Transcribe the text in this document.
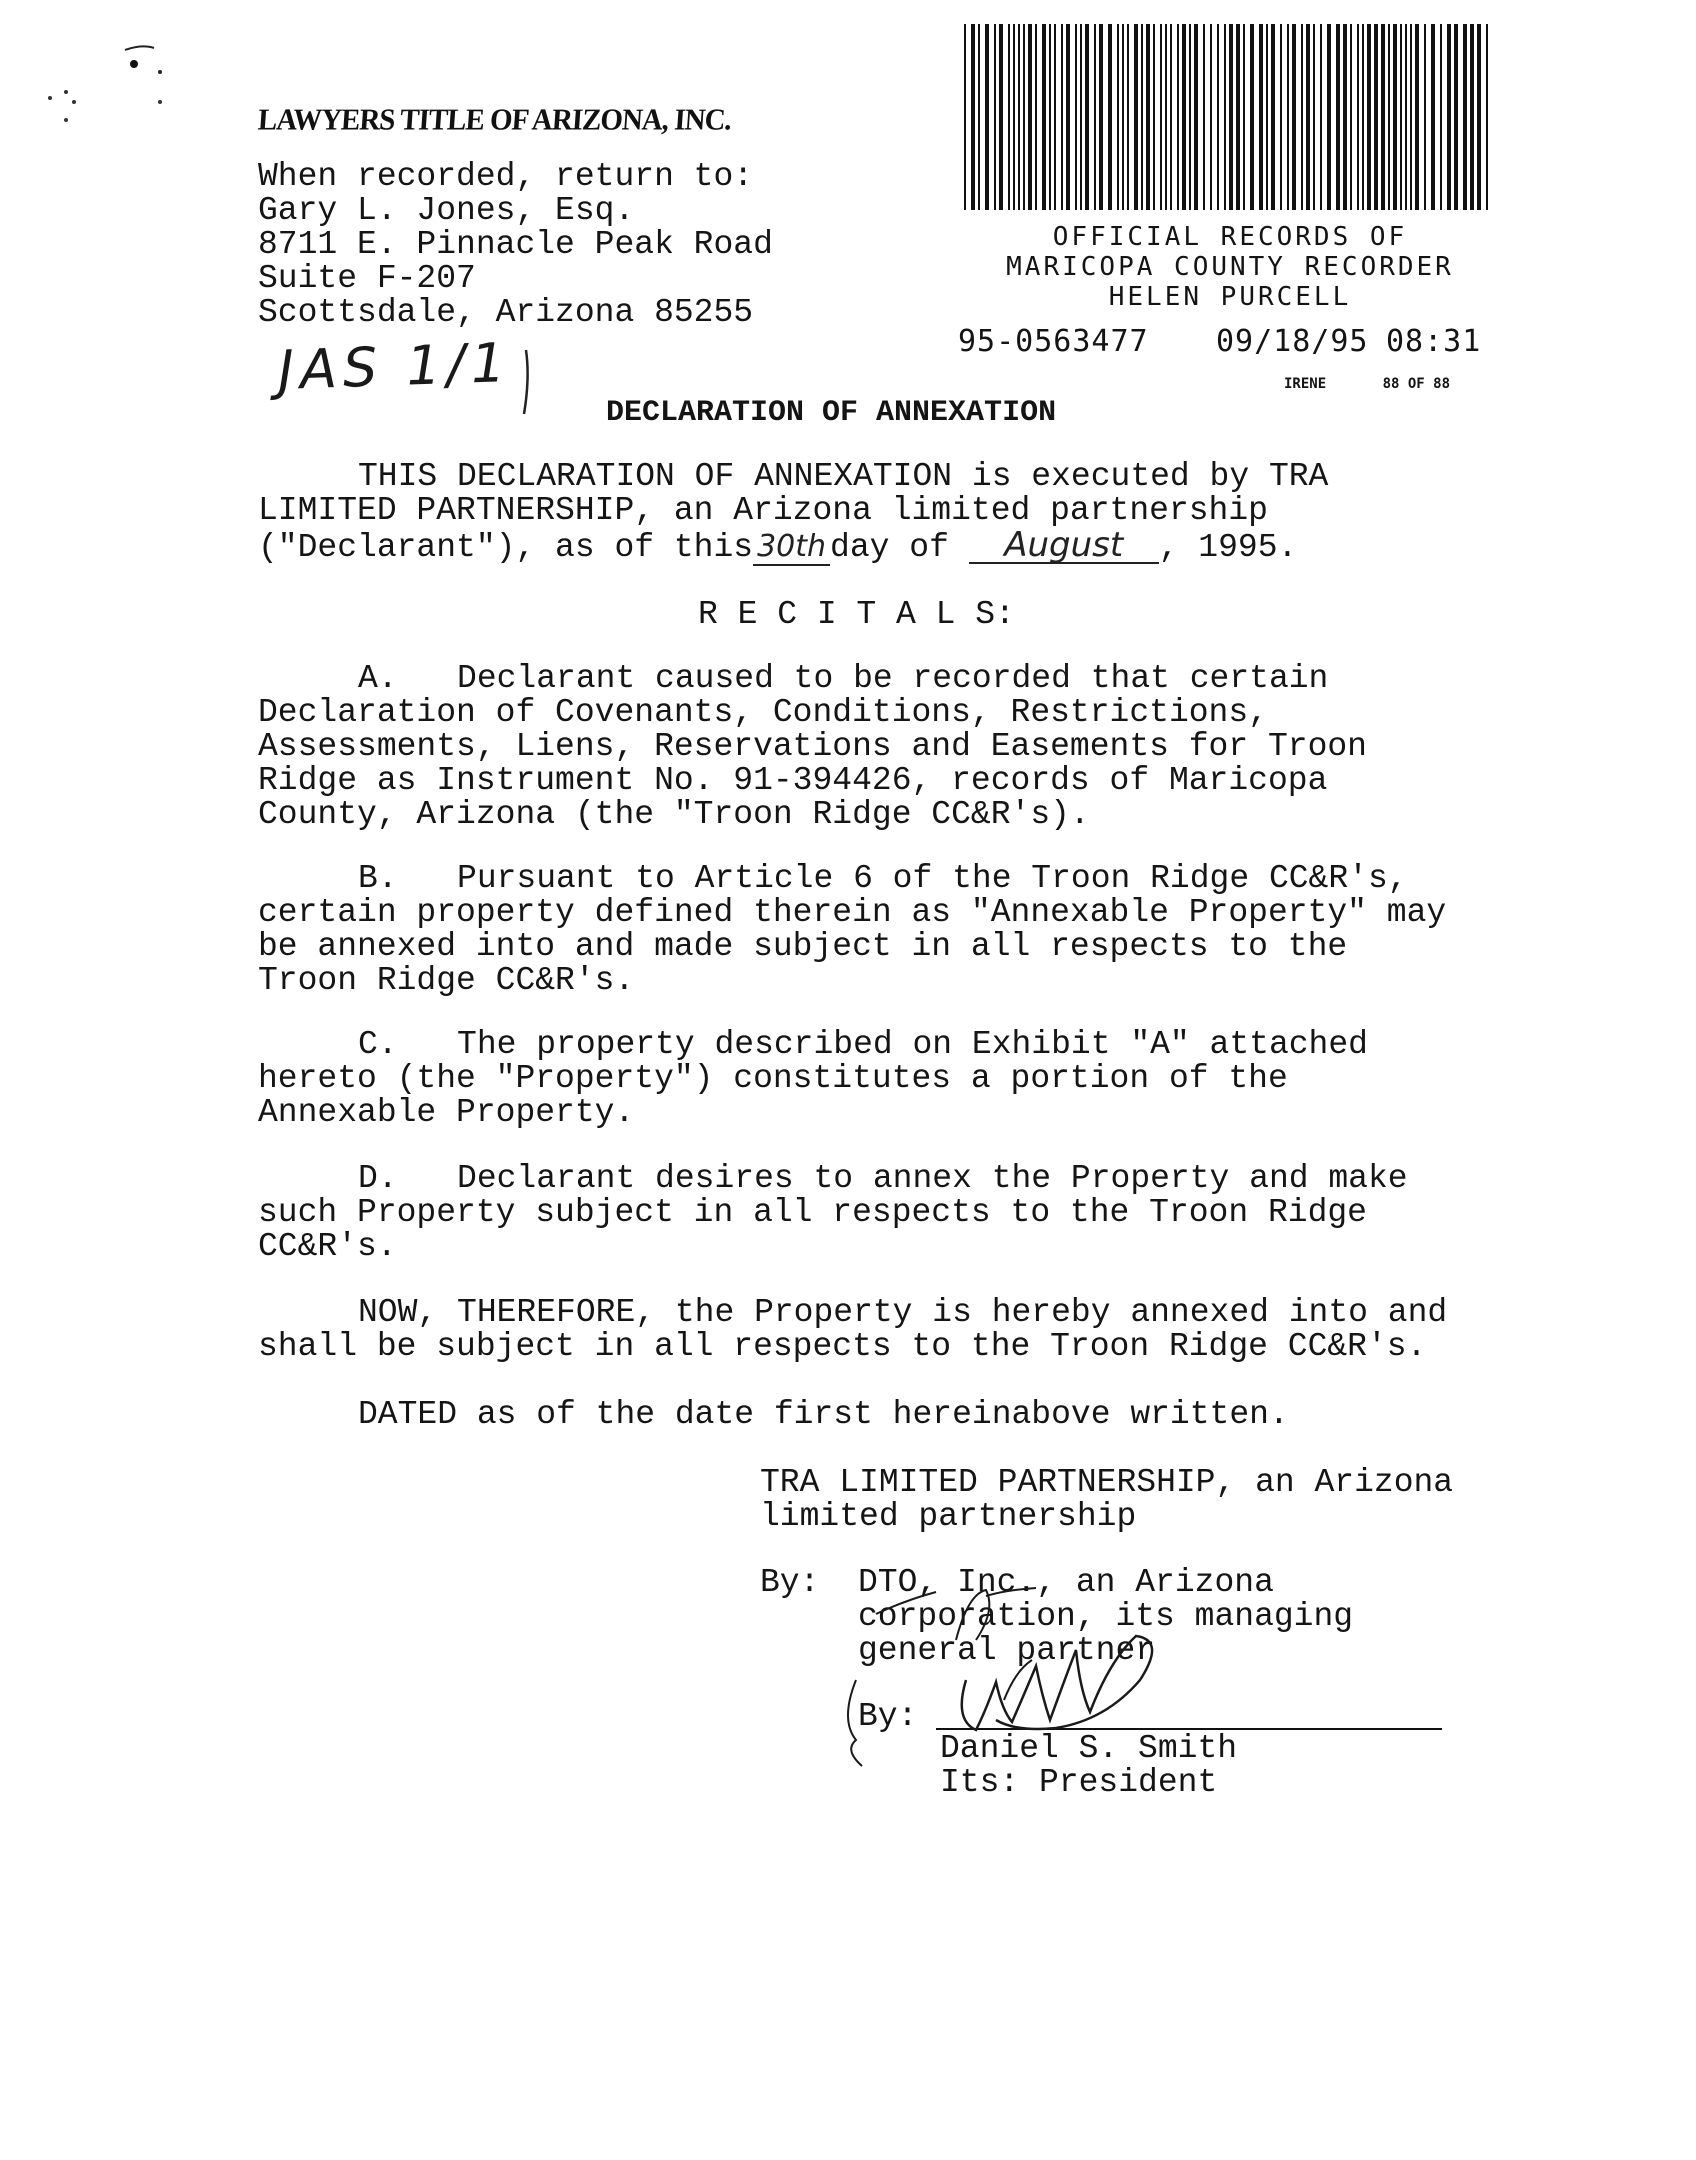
LAWYERS TITLE OF ARIZONA, INC.
When recorded, return to:
Gary L. Jones, Esq.
8711 E. Pinnacle Peak Road
Suite F-207
Scottsdale, Arizona 85255
JAS 1/1
OFFICIAL RECORDS OF
MARICOPA COUNTY RECORDER
HELEN PURCELL
95-0563477 09/18/95 08:31
IRENE	88 OF 88
DECLARATION OF ANNEXATION
THIS DECLARATION OF ANNEXATION is executed by TRA
LIMITED PARTNERSHIP, an Arizona limited partnership
("Declarant"), as of this 30th day of August , 1995.
R E C I T A L S:
A.   Declarant caused to be recorded that certain
Declaration of Covenants, Conditions, Restrictions,
Assessments, Liens, Reservations and Easements for Troon
Ridge as Instrument No. 91-394426, records of Maricopa
County, Arizona (the "Troon Ridge CC&R's).
B.   Pursuant to Article 6 of the Troon Ridge CC&R's,
certain property defined therein as "Annexable Property" may
be annexed into and made subject in all respects to the
Troon Ridge CC&R's.
C.   The property described on Exhibit "A" attached
hereto (the "Property") constitutes a portion of the
Annexable Property.
D.   Declarant desires to annex the Property and make
such Property subject in all respects to the Troon Ridge
CC&R's.
NOW, THEREFORE, the Property is hereby annexed into and
shall be subject in all respects to the Troon Ridge CC&R's.
DATED as of the date first hereinabove written.
TRA LIMITED PARTNERSHIP, an Arizona
limited partnership
By: DTO, Inc., an Arizona
corporation, its managing
general partner
By:
Daniel S. Smith
Its: President
